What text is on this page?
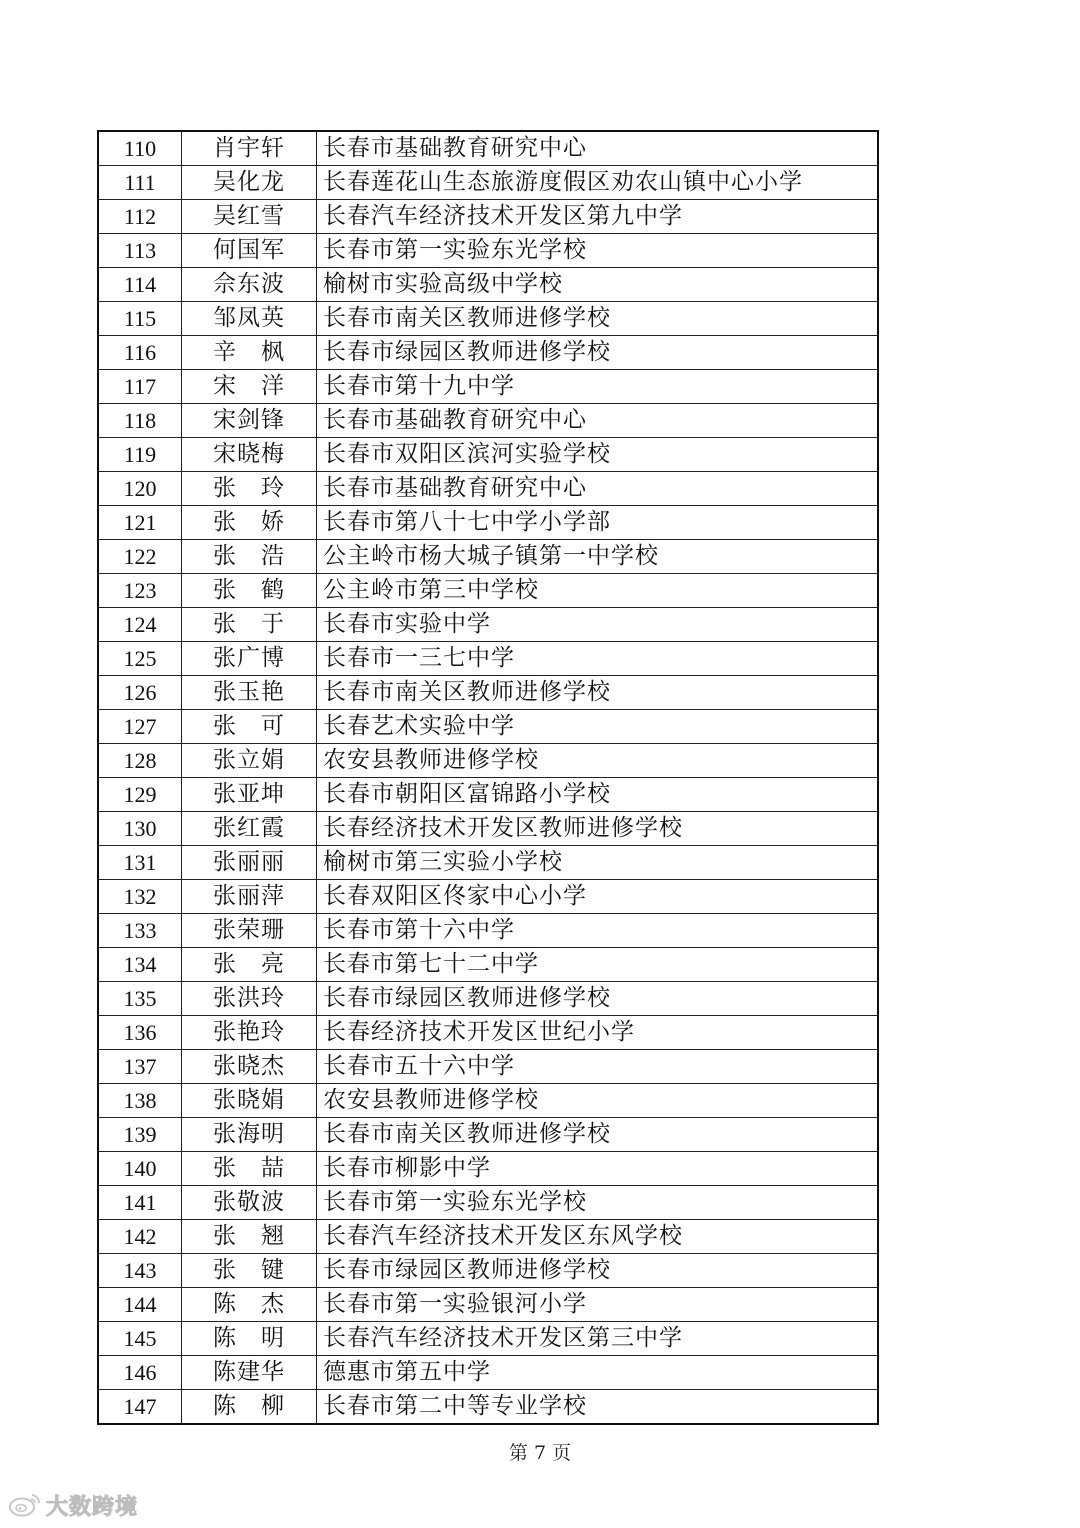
110	肖宇轩	长春市基础教育研究中心
111	吴化龙	长春莲花山生态旅游度假区劝农山镇中心小学
112	吴红雪	长春汽车经济技术开发区第九中学
113	何国军	长春市第一实验东光学校
114	佘东波	榆树市实验高级中学校
115	邹凤英	长春市南关区教师进修学校
116	辛　枫	长春市绿园区教师进修学校
117	宋　洋	长春市第十九中学
118	宋剑锋	长春市基础教育研究中心
119	宋晓梅	长春市双阳区滨河实验学校
120	张　玲	长春市基础教育研究中心
121	张　娇	长春市第八十七中学小学部
122	张　浩	公主岭市杨大城子镇第一中学校
123	张　鹤	公主岭市第三中学校
124	张　于	长春市实验中学
125	张广博	长春市一三七中学
126	张玉艳	长春市南关区教师进修学校
127	张　可	长春艺术实验中学
128	张立娟	农安县教师进修学校
129	张亚坤	长春市朝阳区富锦路小学校
130	张红霞	长春经济技术开发区教师进修学校
131	张丽丽	榆树市第三实验小学校
132	张丽萍	长春双阳区佟家中心小学
133	张荣珊	长春市第十六中学
134	张　亮	长春市第七十二中学
135	张洪玲	长春市绿园区教师进修学校
136	张艳玲	长春经济技术开发区世纪小学
137	张晓杰	长春市五十六中学
138	张晓娟	农安县教师进修学校
139	张海明	长春市南关区教师进修学校
140	张　喆	长春市柳影中学
141	张敬波	长春市第一实验东光学校
142	张　翘	长春汽车经济技术开发区东风学校
143	张　键	长春市绿园区教师进修学校
144	陈　杰	长春市第一实验银河小学
145	陈　明	长春汽车经济技术开发区第三中学
146	陈建华	德惠市第五中学
147	陈　柳	长春市第二中等专业学校
第 7 页
大数跨境
